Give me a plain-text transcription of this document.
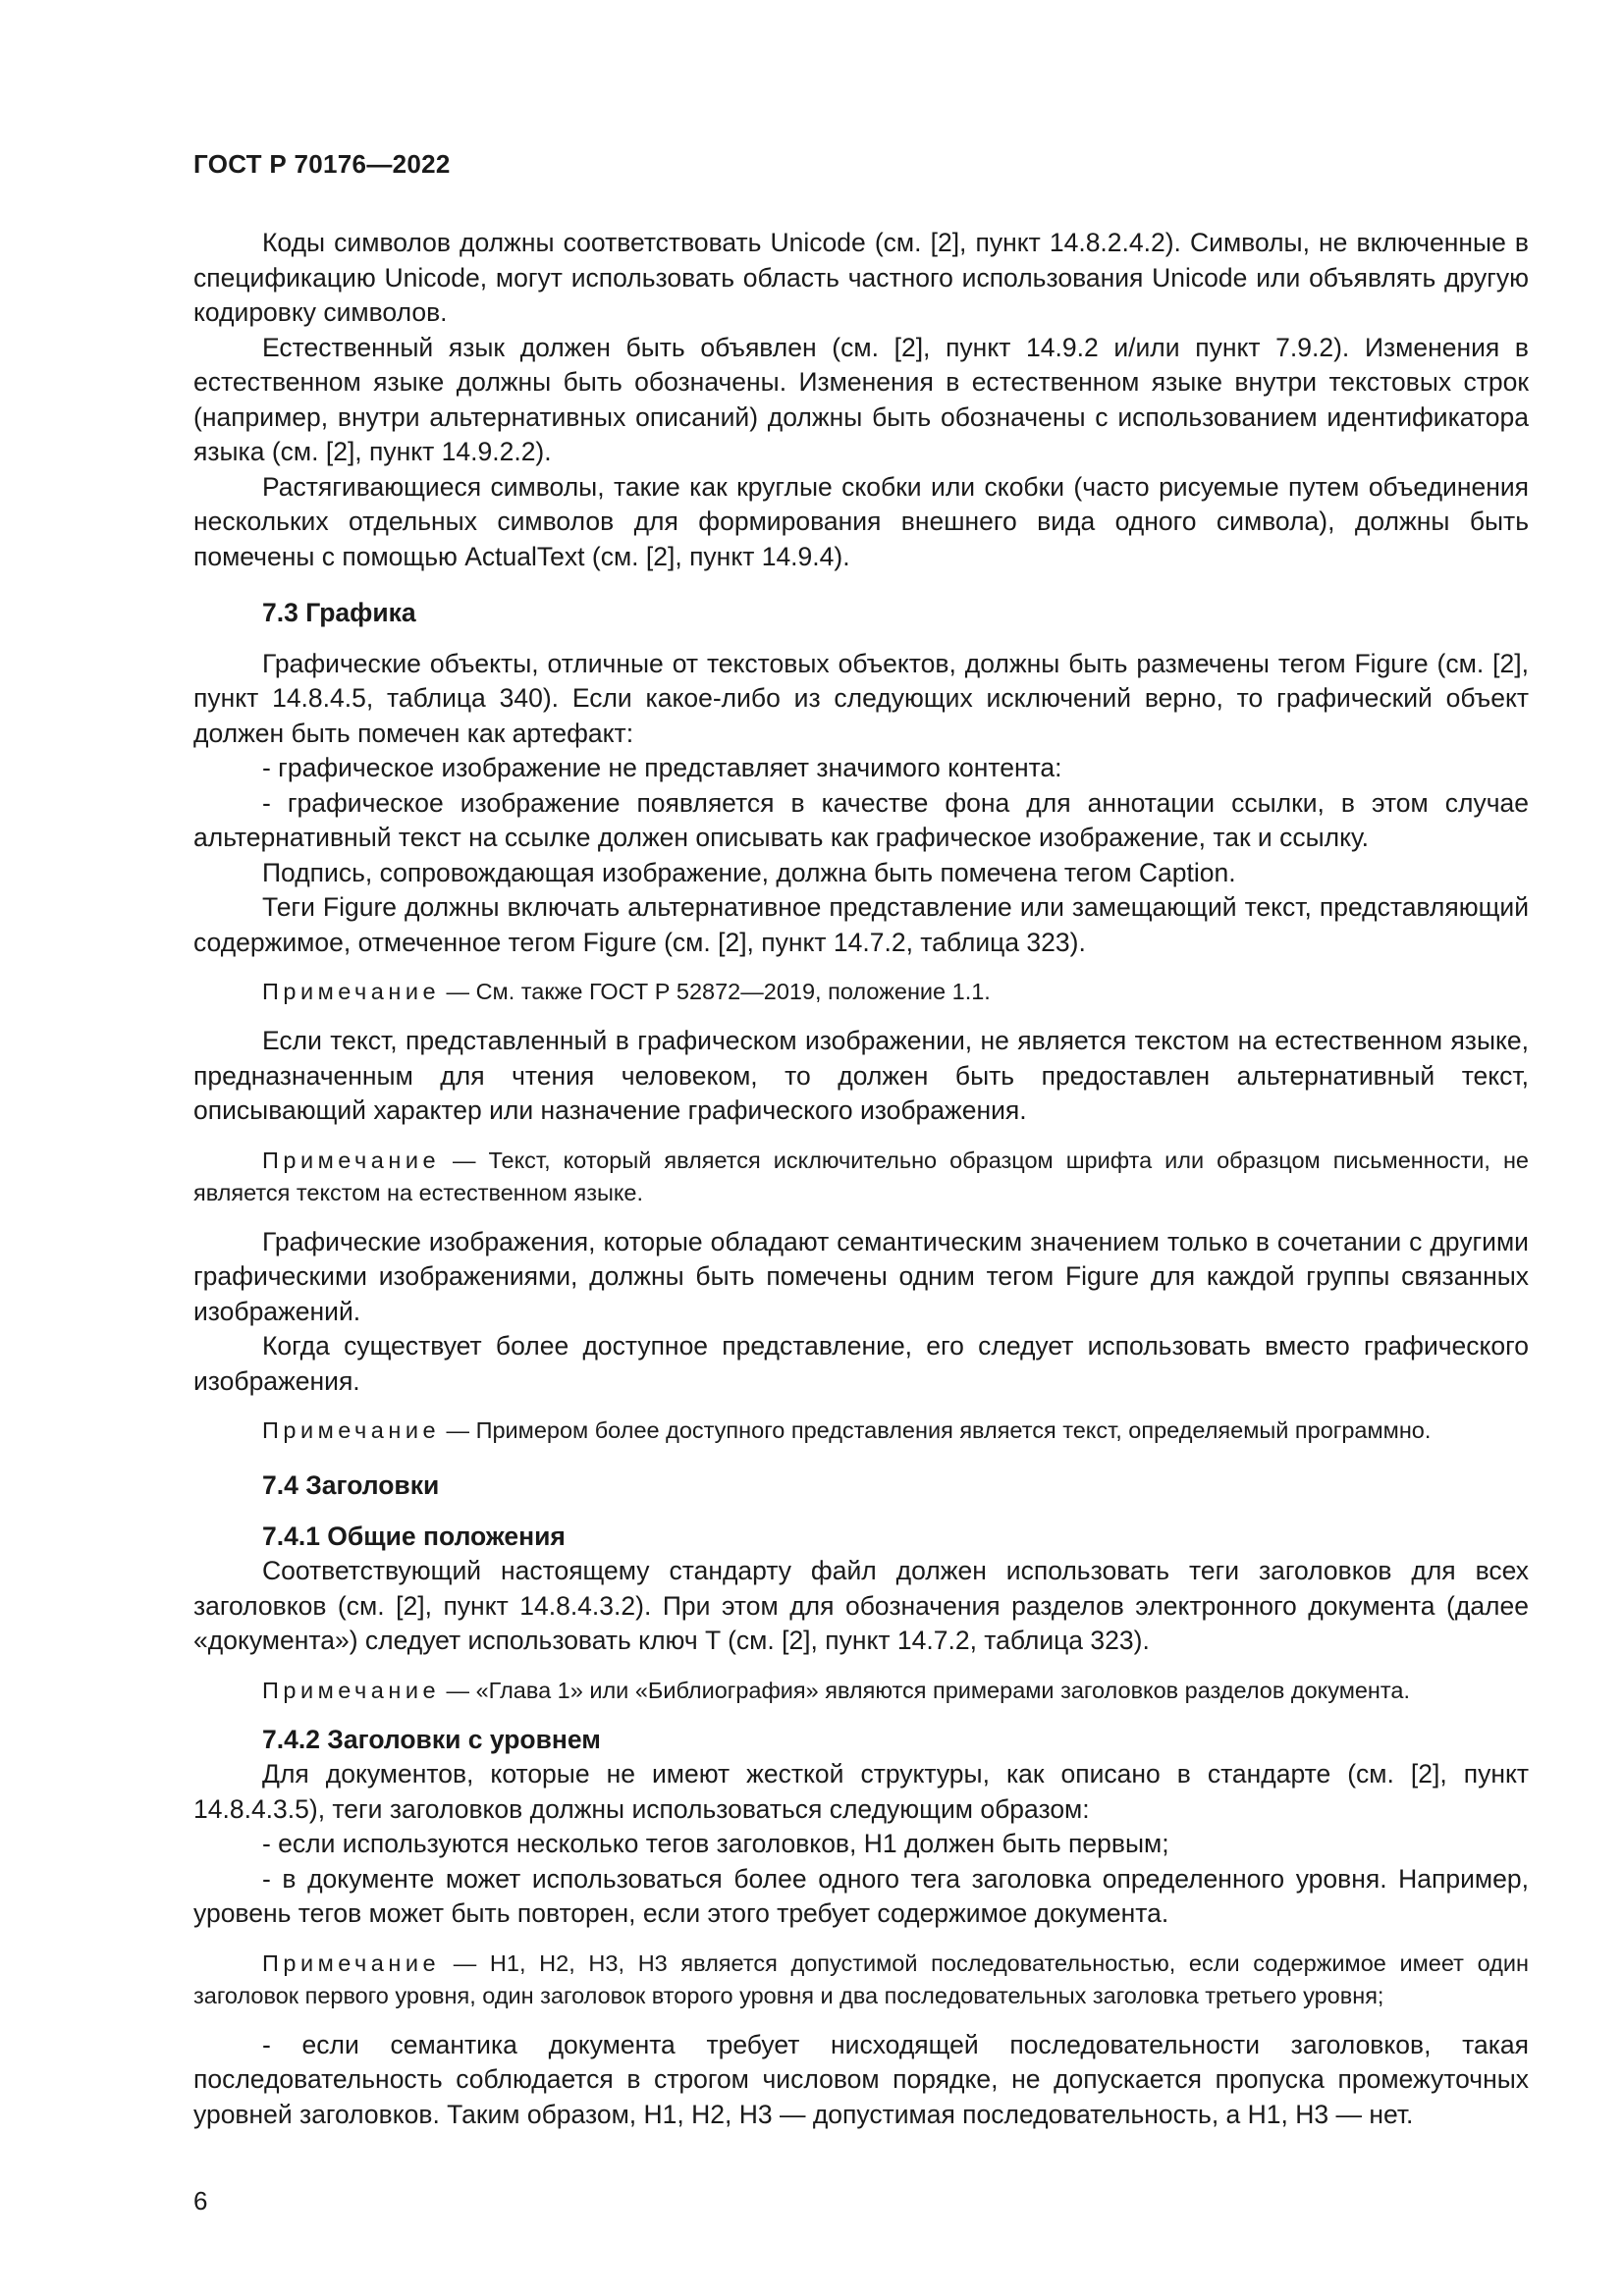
ГОСТ Р 70176—2022

Коды символов должны соответствовать Unicode (см. [2], пункт 14.8.2.4.2). Символы, не включенные в спецификацию Unicode, могут использовать область частного использования Unicode или объявлять другую кодировку символов.

Естественный язык должен быть объявлен (см. [2], пункт 14.9.2 и/или пункт 7.9.2). Изменения в естественном языке должны быть обозначены. Изменения в естественном языке внутри текстовых строк (например, внутри альтернативных описаний) должны быть обозначены с использованием идентификатора языка (см. [2], пункт 14.9.2.2).

Растягивающиеся символы, такие как круглые скобки или скобки (часто рисуемые путем объединения нескольких отдельных символов для формирования внешнего вида одного символа), должны быть помечены с помощью ActualText (см. [2], пункт 14.9.4).

7.3 Графика

Графические объекты, отличные от текстовых объектов, должны быть размечены тегом Figure (см. [2], пункт 14.8.4.5, таблица 340). Если какое-либо из следующих исключений верно, то графический объект должен быть помечен как артефакт:

- графическое изображение не представляет значимого контента:

- графическое изображение появляется в качестве фона для аннотации ссылки, в этом случае альтернативный текст на ссылке должен описывать как графическое изображение, так и ссылку.

Подпись, сопровождающая изображение, должна быть помечена тегом Caption.

Теги Figure должны включать альтернативное представление или замещающий текст, представляющий содержимое, отмеченное тегом Figure (см. [2], пункт 14.7.2, таблица 323).

Примечание — См. также ГОСТ Р 52872—2019, положение 1.1.

Если текст, представленный в графическом изображении, не является текстом на естественном языке, предназначенным для чтения человеком, то должен быть предоставлен альтернативный текст, описывающий характер или назначение графического изображения.

Примечание — Текст, который является исключительно образцом шрифта или образцом письменности, не является текстом на естественном языке.

Графические изображения, которые обладают семантическим значением только в сочетании с другими графическими изображениями, должны быть помечены одним тегом Figure для каждой группы связанных изображений.

Когда существует более доступное представление, его следует использовать вместо графического изображения.

Примечание — Примером более доступного представления является текст, определяемый программно.
7.4 Заголовки
7.4.1 Общие положения

Соответствующий настоящему стандарту файл должен использовать теги заголовков для всех заголовков (см. [2], пункт 14.8.4.3.2). При этом для обозначения разделов электронного документа (далее «документа») следует использовать ключ T (см. [2], пункт 14.7.2, таблица 323).

Примечание — «Глава 1» или «Библиография» являются примерами заголовков разделов документа.
7.4.2 Заголовки с уровнем

Для документов, которые не имеют жесткой структуры, как описано в стандарте (см. [2], пункт 14.8.4.3.5), теги заголовков должны использоваться следующим образом:

- если используются несколько тегов заголовков, H1 должен быть первым;

- в документе может использоваться более одного тега заголовка определенного уровня. Например, уровень тегов может быть повторен, если этого требует содержимое документа.

Примечание — H1, H2, H3, H3 является допустимой последовательностью, если содержимое имеет один заголовок первого уровня, один заголовок второго уровня и два последовательных заголовка третьего уровня;

- если семантика документа требует нисходящей последовательности заголовков, такая последовательность соблюдается в строгом числовом порядке, не допускается пропуска промежуточных уровней заголовков. Таким образом, H1, H2, H3 — допустимая последовательность, а H1, H3 — нет.

6
